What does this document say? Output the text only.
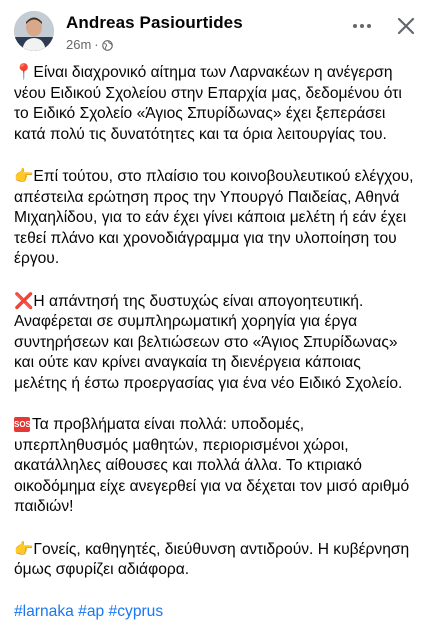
Andreas Pasiourtides
26m ·

📍Είναι διαχρονικό αίτημα των Λαρνακέων η ανέγερση νέου Ειδικού Σχολείου στην Επαρχία μας, δεδομένου ότι το Ειδικό Σχολείο «Άγιος Σπυρίδωνας» έχει ξεπεράσει κατά πολύ τις δυνατότητες και τα όρια λειτουργίας του.

👉Επί τούτου, στο πλαίσιο του κοινοβουλευτικού ελέγχου, απέστειλα ερώτηση προς την Υπουργό Παιδείας, Αθηνά Μιχαηλίδου, για το εάν έχει γίνει κάποια μελέτη ή εάν έχει τεθεί πλάνο και χρονοδιάγραμμα για την υλοποίηση του έργου.

❌Η απάντησή της δυστυχώς είναι απογοητευτική. Αναφέρεται σε συμπληρωματική χορηγία για έργα συντηρήσεων και βελτιώσεων στο «Άγιος Σπυρίδωνας» και ούτε καν κρίνει αναγκαία τη διενέργεια κάποιας μελέτης ή έστω προεργασίας για ένα νέο Ειδικό Σχολείο.

SOSΤα προβλήματα είναι πολλά: υποδομές, υπερπληθυσμός μαθητών, περιορισμένοι χώροι, ακατάλληλες αίθουσες και πολλά άλλα. Το κτιριακό οικοδόμημα είχε ανεγερθεί για να δέχεται τον μισό αριθμό παιδιών!

👉Γονείς, καθηγητές, διεύθυνση αντιδρούν. Η κυβέρνηση όμως σφυρίζει αδιάφορα.

#larnaka #ap #cyprus
